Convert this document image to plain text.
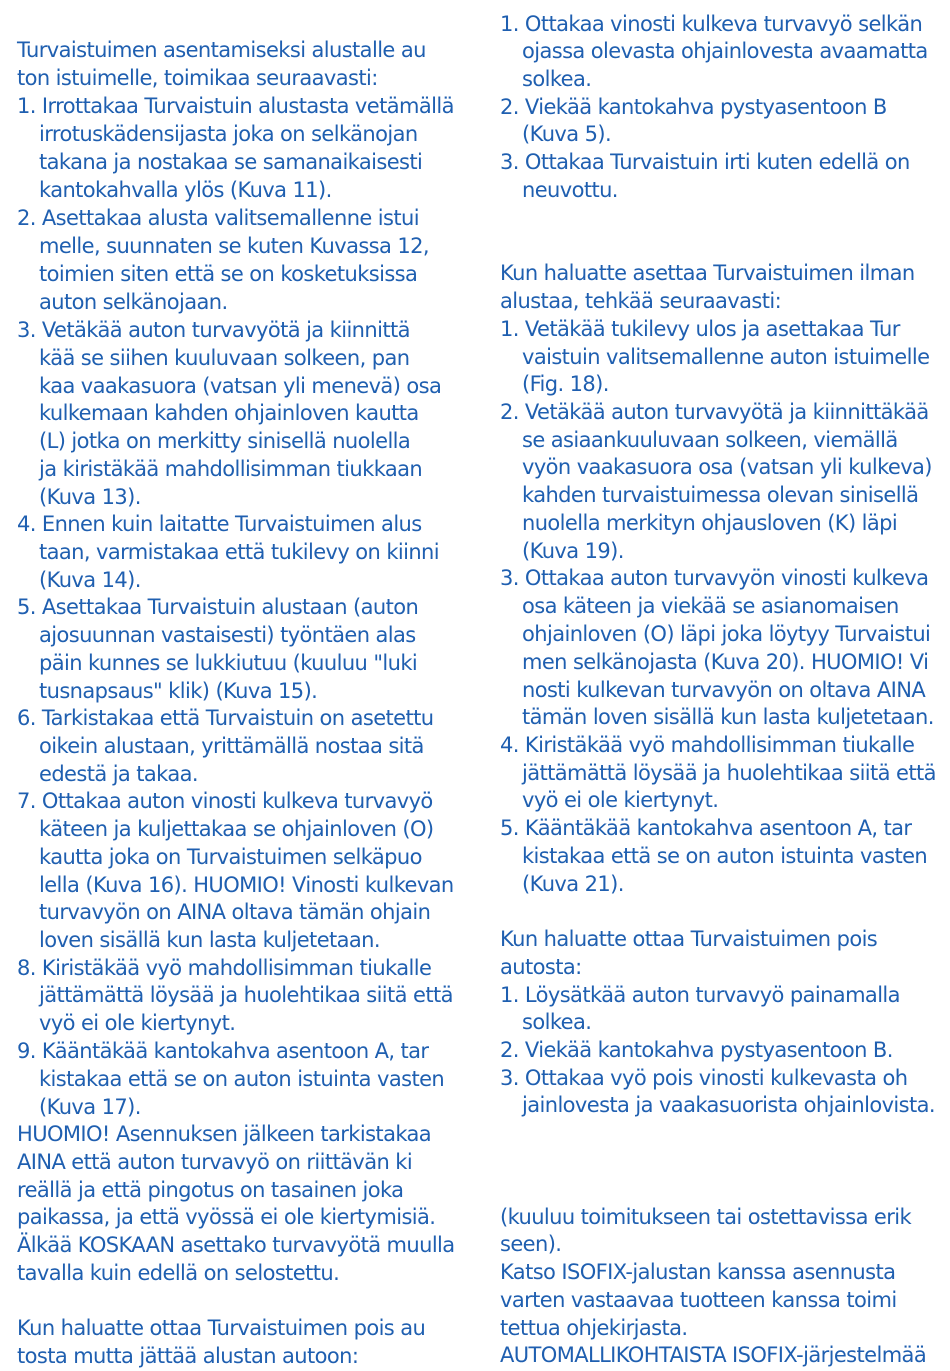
Turvaistuimen asentamiseksi alustalle au
ton istuimelle, toimikaa seuraavasti:
1. Irrottakaa Turvaistuin alustasta vetämällä
irrotuskädensijasta joka on selkänojan
takana ja nostakaa se samanaikaisesti
kantokahvalla ylös (Kuva 11).
2. Asettakaa alusta valitsemallenne istui
melle, suunnaten se kuten Kuvassa 12,
toimien siten että se on kosketuksissa
auton selkänojaan.
3. Vetäkää auton turvavyötä ja kiinnittä
kää se siihen kuuluvaan solkeen, pan
kaa vaakasuora (vatsan yli menevä) osa
kulkemaan kahden ohjainloven kautta
(L) jotka on merkitty sinisellä nuolella
ja kiristäkää mahdollisimman tiukkaan
(Kuva 13).
4. Ennen kuin laitatte Turvaistuimen alus
taan, varmistakaa että tukilevy on kiinni
(Kuva 14).
5. Asettakaa Turvaistuin alustaan (auton
ajosuunnan vastaisesti) työntäen alas
päin kunnes se lukkiutuu (kuuluu "luki
tusnapsaus" klik) (Kuva 15).
6. Tarkistakaa että Turvaistuin on asetettu
oikein alustaan, yrittämällä nostaa sitä
edestä ja takaa.
7. Ottakaa auton vinosti kulkeva turvavyö
käteen ja kuljettakaa se ohjainloven (O)
kautta joka on Turvaistuimen selkäpuo
lella (Kuva 16). HUOMIO! Vinosti kulkevan
turvavyön on AINA oltava tämän ohjain
loven sisällä kun lasta kuljetetaan.
8. Kiristäkää vyö mahdollisimman tiukalle
jättämättä löysää ja huolehtikaa siitä että
vyö ei ole kiertynyt.
9. Kääntäkää kantokahva asentoon A, tar
kistakaa että se on auton istuinta vasten
(Kuva 17).
HUOMIO! Asennuksen jälkeen tarkistakaa
AINA että auton turvavyö on riittävän ki
reällä ja että pingotus on tasainen joka
paikassa, ja että vyössä ei ole kiertymisiä.
Älkää KOSKAAN asettako turvavyötä muulla
tavalla kuin edellä on selostettu.
Kun haluatte ottaa Turvaistuimen pois au
tosta mutta jättää alustan autoon:
1. Ottakaa vinosti kulkeva turvavyö selkän
ojassa olevasta ohjainlovesta avaamatta
solkea.
2. Viekää kantokahva pystyasentoon B
(Kuva 5).
3. Ottakaa Turvaistuin irti kuten edellä on
neuvottu.
Kun haluatte asettaa Turvaistuimen ilman
alustaa, tehkää seuraavasti:
1. Vetäkää tukilevy ulos ja asettakaa Tur
vaistuin valitsemallenne auton istuimelle
(Fig. 18).
2. Vetäkää auton turvavyötä ja kiinnittäkää
se asiaankuuluvaan solkeen, viemällä
vyön vaakasuora osa (vatsan yli kulkeva)
kahden turvaistuimessa olevan sinisellä
nuolella merkityn ohjausloven (K) läpi
(Kuva 19).
3. Ottakaa auton turvavyön vinosti kulkeva
osa käteen ja viekää se asianomaisen
ohjainloven (O) läpi joka löytyy Turvaistui
men selkänojasta (Kuva 20). HUOMIO! Vi
nosti kulkevan turvavyön on oltava AINA
tämän loven sisällä kun lasta kuljetetaan.
4. Kiristäkää vyö mahdollisimman tiukalle
jättämättä löysää ja huolehtikaa siitä että
vyö ei ole kiertynyt.
5. Kääntäkää kantokahva asentoon A, tar
kistakaa että se on auton istuinta vasten
(Kuva 21).
Kun haluatte ottaa Turvaistuimen pois
autosta:
1. Löysätkää auton turvavyö painamalla
solkea.
2. Viekää kantokahva pystyasentoon B.
3. Ottakaa vyö pois vinosti kulkevasta oh
jainlovesta ja vaakasuorista ohjainlovista.
(kuuluu toimitukseen tai ostettavissa erik
seen).
Katso ISOFIX-jalustan kanssa asennusta
varten vastaavaa tuotteen kanssa toimi
tettua ohjekirjasta.
AUTOMALLIKOHTAISTA ISOFIX-järjestelmää
